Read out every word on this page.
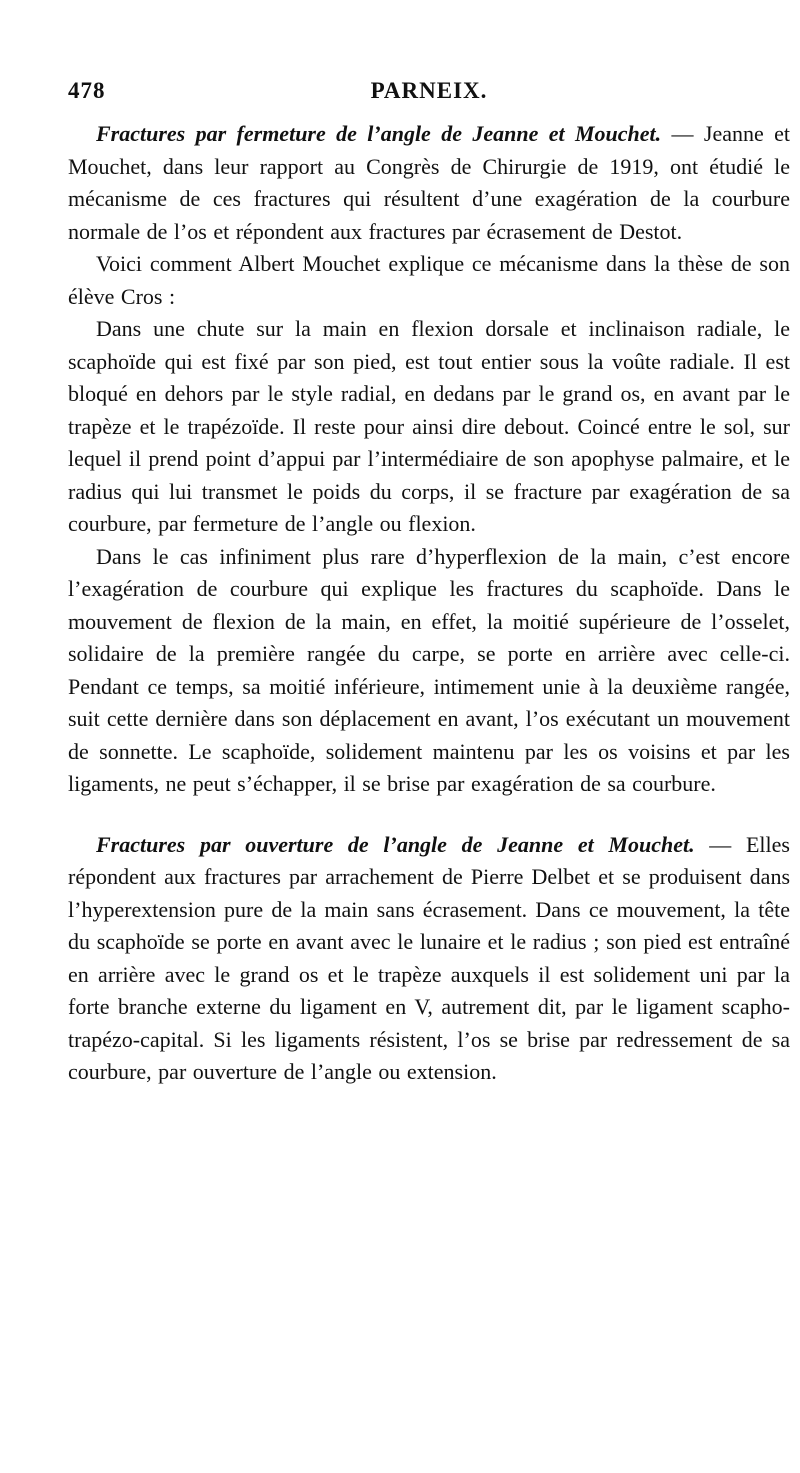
478	PARNEIX.

Fractures par fermeture de l’angle de Jeanne et Mouchet. — Jeanne et Mouchet, dans leur rapport au Congrès de Chirurgie de 1919, ont étudié le mécanisme de ces fractures qui résultent d’une exagération de la courbure normale de l’os et répondent aux fractures par écrasement de Destot.

Voici comment Albert Mouchet explique ce mécanisme dans la thèse de son élève Cros :

Dans une chute sur la main en flexion dorsale et inclinaison radiale, le scaphoïde qui est fixé par son pied, est tout entier sous la voûte radiale. Il est bloqué en dehors par le style radial, en dedans par le grand os, en avant par le trapèze et le trapézoïde. Il reste pour ainsi dire debout. Coincé entre le sol, sur lequel il prend point d’appui par l’intermédiaire de son apophyse palmaire, et le radius qui lui transmet le poids du corps, il se fracture par exagération de sa courbure, par fermeture de l’angle ou flexion.

Dans le cas infiniment plus rare d’hyperflexion de la main, c’est encore l’exagération de courbure qui explique les fractures du scaphoïde. Dans le mouvement de flexion de la main, en effet, la moitié supérieure de l’osselet, solidaire de la première rangée du carpe, se porte en arrière avec celle-ci. Pendant ce temps, sa moitié inférieure, intimement unie à la deuxième rangée, suit cette dernière dans son déplacement en avant, l’os exécutant un mouvement de sonnette. Le scaphoïde, solidement maintenu par les os voisins et par les ligaments, ne peut s’échapper, il se brise par exagération de sa courbure.

Fractures par ouverture de l’angle de Jeanne et Mouchet. — Elles répondent aux fractures par arrachement de Pierre Delbet et se produisent dans l’hyperextension pure de la main sans écrasement. Dans ce mouvement, la tête du scaphoïde se porte en avant avec le lunaire et le radius ; son pied est entraîné en arrière avec le grand os et le trapèze auxquels il est solidement uni par la forte branche externe du ligament en V, autrement dit, par le ligament scapho-trapézo-capital. Si les ligaments résistent, l’os se brise par redressement de sa courbure, par ouverture de l’angle ou extension.
